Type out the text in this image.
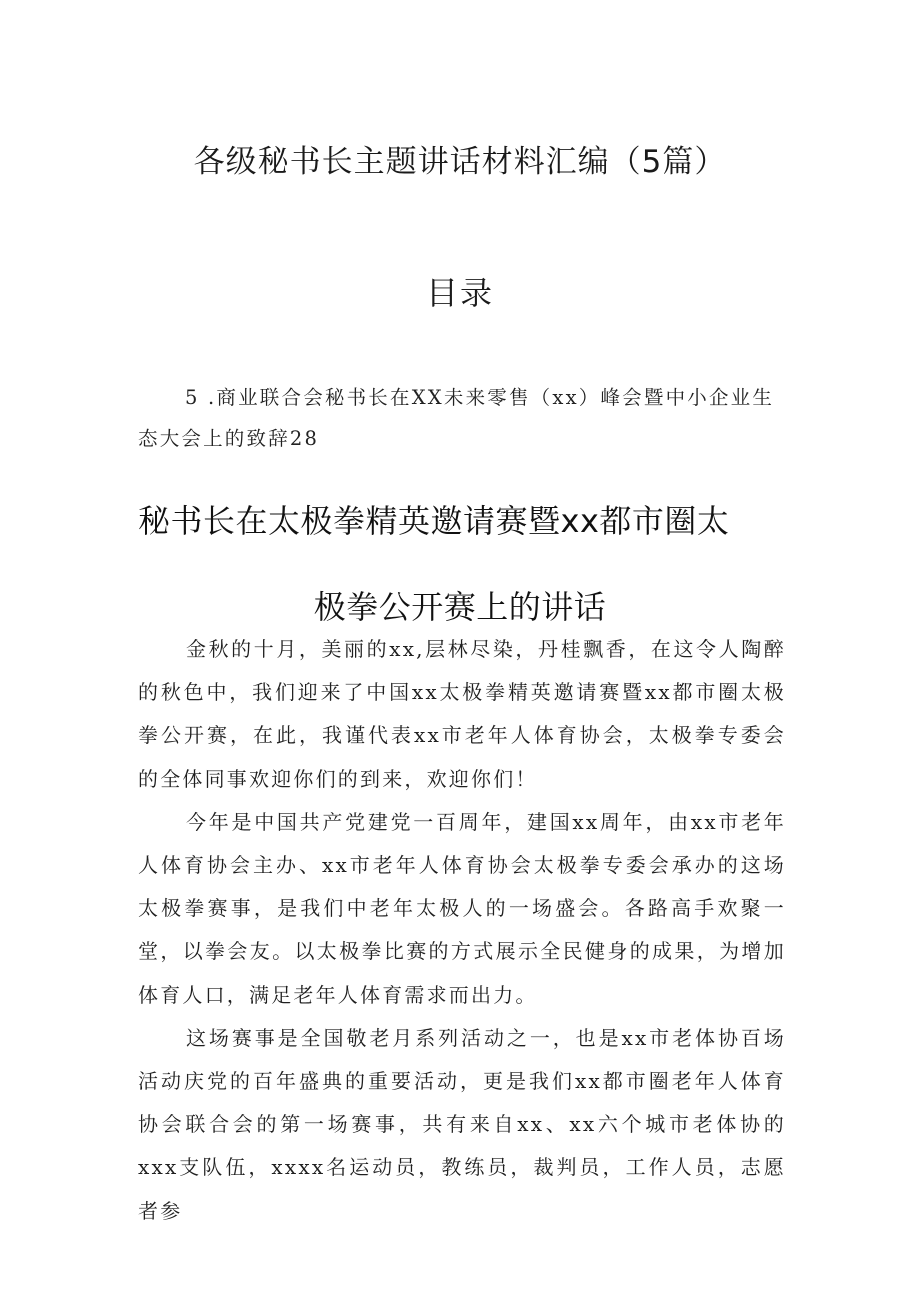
各级秘书长主题讲话材料汇编（5篇）
目录
5 .商业联合会秘书长在XX未来零售（xx）峰会暨中小企业生态大会上的致辞28
秘书长在太极拳精英邀请赛暨xx都市圈太
极拳公开赛上的讲话

金秋的十月，美丽的xx,层林尽染，丹桂飘香，在这令人陶醉的秋色中，我们迎来了中国xx太极拳精英邀请赛暨xx都市圈太极拳公开赛，在此，我谨代表xx市老年人体育协会，太极拳专委会的全体同事欢迎你们的到来，欢迎你们！

今年是中国共产党建党一百周年，建国xx周年，由xx市老年人体育协会主办、xx市老年人体育协会太极拳专委会承办的这场太极拳赛事，是我们中老年太极人的一场盛会。各路高手欢聚一堂，以拳会友。以太极拳比赛的方式展示全民健身的成果，为增加体育人口，满足老年人体育需求而出力。

这场赛事是全国敬老月系列活动之一，也是xx市老体协百场活动庆党的百年盛典的重要活动，更是我们xx都市圈老年人体育协会联合会的第一场赛事，共有来自xx、xx六个城市老体协的xxx支队伍，xxxx名运动员，教练员，裁判员，工作人员，志愿者参
